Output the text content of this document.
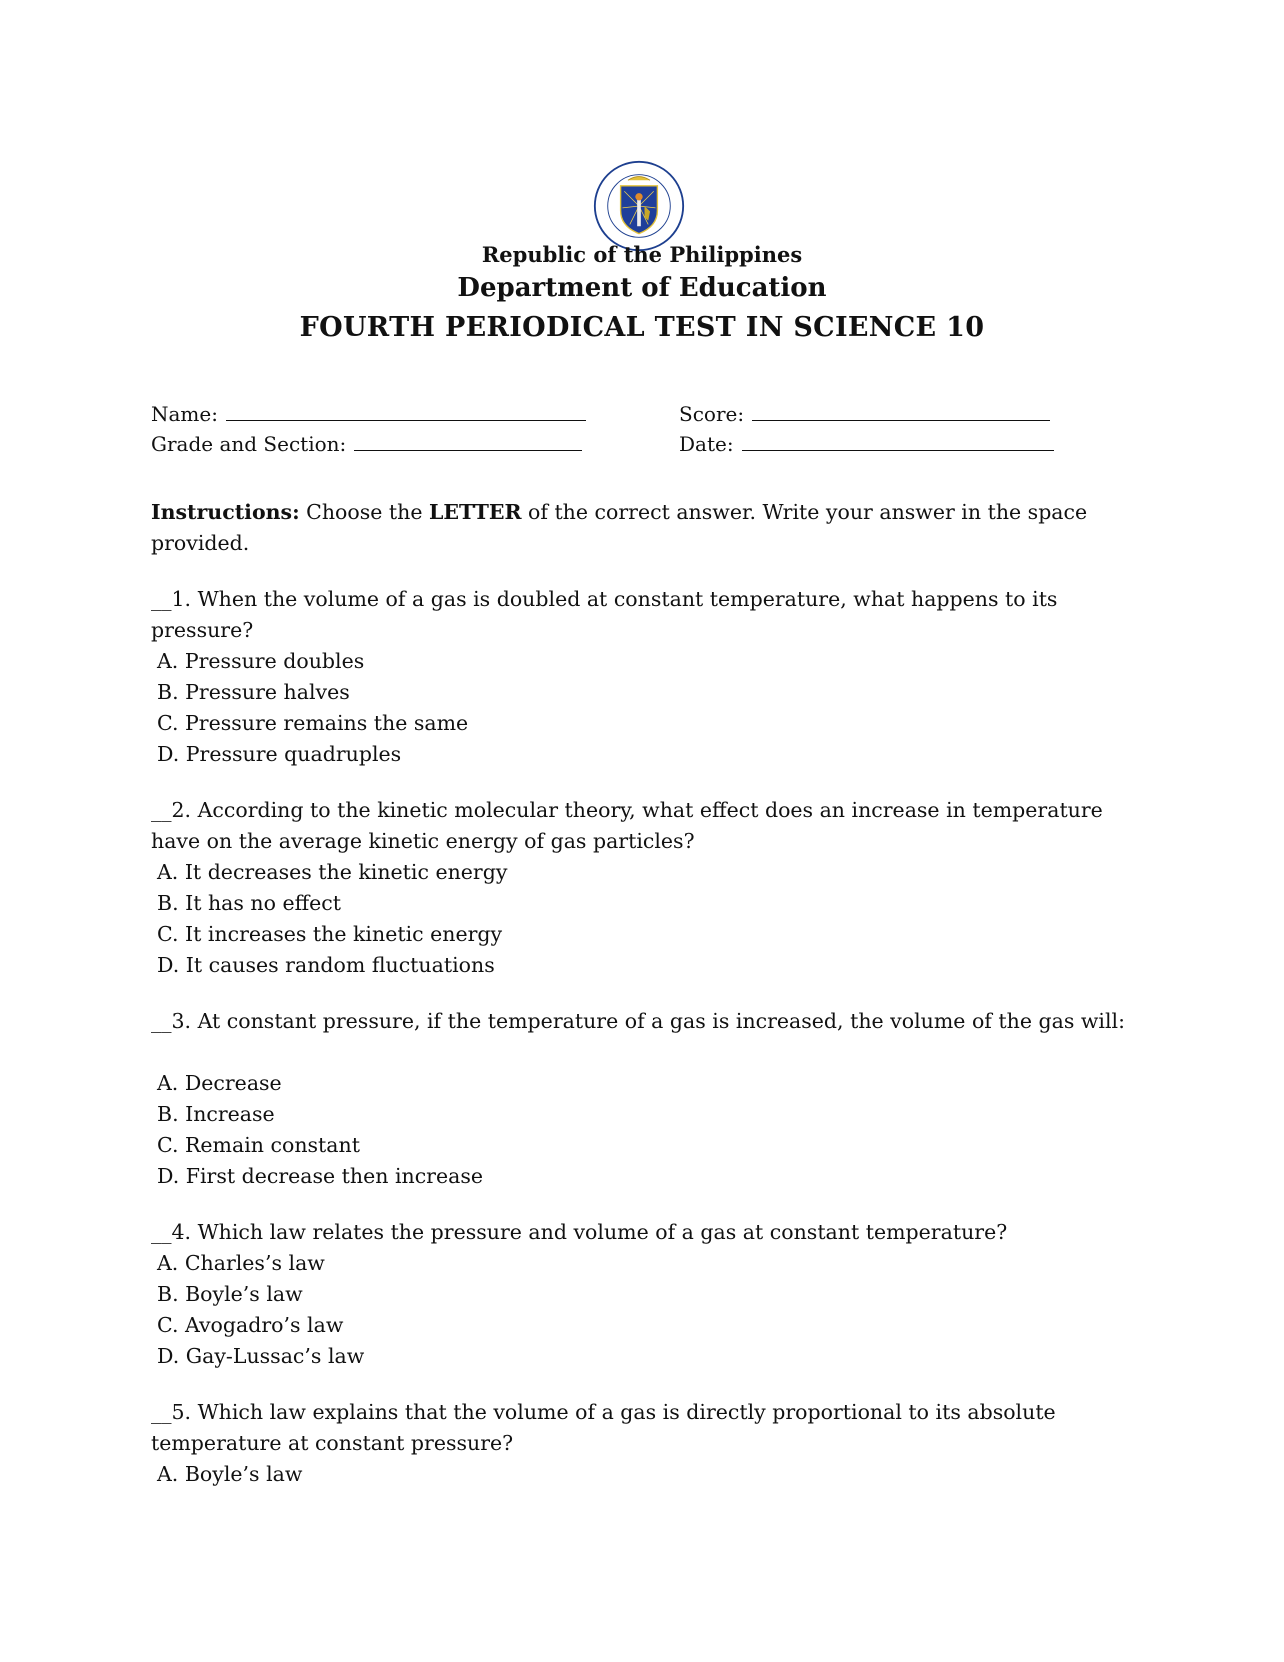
Republic of the Philippines
Department of Education
FOURTH PERIODICAL TEST IN SCIENCE 10
Name:	Score:
Grade and Section:	Date:
Instructions: Choose the LETTER of the correct answer. Write your answer in the space provided.
__1. When the volume of a gas is doubled at constant temperature, what happens to its pressure?
A. Pressure doubles
B. Pressure halves
C. Pressure remains the same
D. Pressure quadruples
__2. According to the kinetic molecular theory, what effect does an increase in temperature have on the average kinetic energy of gas particles?
A. It decreases the kinetic energy
B. It has no effect
C. It increases the kinetic energy
D. It causes random fluctuations
__3. At constant pressure, if the temperature of a gas is increased, the volume of the gas will:
A. Decrease
B. Increase
C. Remain constant
D. First decrease then increase
__4. Which law relates the pressure and volume of a gas at constant temperature?
A. Charles’s law
B. Boyle’s law
C. Avogadro’s law
D. Gay-Lussac’s law
__5. Which law explains that the volume of a gas is directly proportional to its absolute temperature at constant pressure?
A. Boyle’s law
